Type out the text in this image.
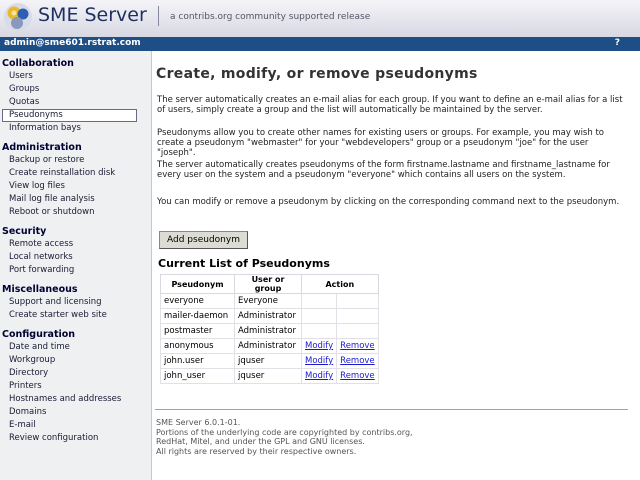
SME Server	a contribs.org community supported release
admin@sme601.rstrat.com	?
Collaboration
Users
Groups
Quotas
Pseudonyms
Information bays
Administration
Backup or restore
Create reinstallation disk
View log files
Mail log file analysis
Reboot or shutdown
Security
Remote access
Local networks
Port forwarding
Miscellaneous
Support and licensing
Create starter web site
Configuration
Date and time
Workgroup
Directory
Printers
Hostnames and addresses
Domains
E-mail
Review configuration
Create, modify, or remove pseudonyms

The server automatically creates an e-mail alias for each group. If you want to define an e-mail alias for a list of users, simply create a group and the list will automatically be maintained by the server.

Pseudonyms allow you to create other names for existing users or groups. For example, you may wish to create a pseudonym "webmaster" for your "webdevelopers" group or a pseudonym "joe" for the user "joseph".

The server automatically creates pseudonyms of the form firstname.lastname and firstname_lastname for every user on the system and a pseudonym "everyone" which contains all users on the system.

You can modify or remove a pseudonym by clicking on the corresponding command next to the pseudonym.

Add pseudonym
Current List of Pseudonyms
Pseudonym	User or group	Action	
everyone	Everyone		
mailer-daemon	Administrator		
postmaster	Administrator		
anonymous	Administrator	Modify	Remove
john.user	jquser	Modify	Remove
john_user	jquser	Modify	Remove
SME Server 6.0.1-01.
Portions of the underlying code are copyrighted by contribs.org,
RedHat, Mitel, and under the GPL and GNU licenses.
All rights are reserved by their respective owners.
